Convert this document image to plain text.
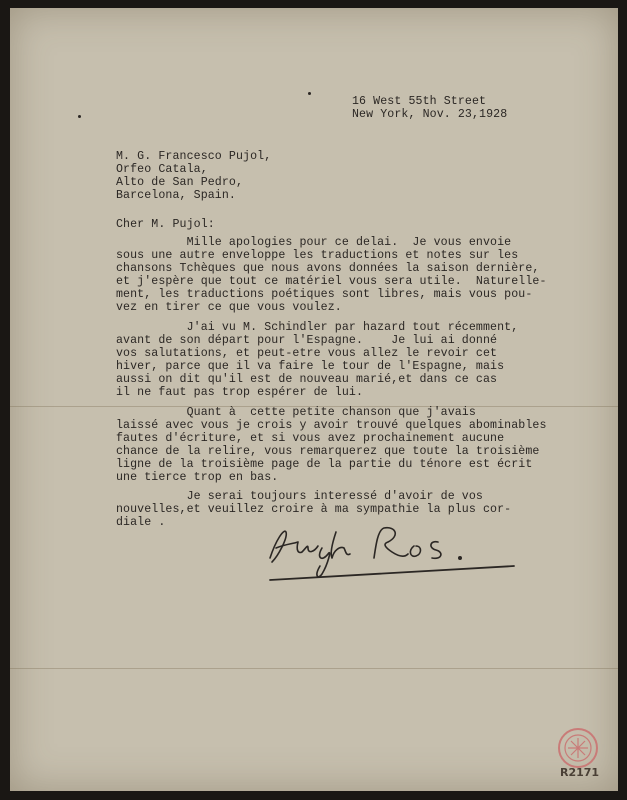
16 West 55th Street
New York, Nov. 23,1928
M. G. Francesco Pujol,
Orfeo Catala,
Alto de San Pedro,
Barcelona, Spain.
Cher M. Pujol:
Mille apologies pour ce delai.  Je vous envoie
sous une autre enveloppe les traductions et notes sur les
chansons Tchèques que nous avons données la saison dernière,
et j'espère que tout ce matériel vous sera utile.  Naturelle-
ment, les traductions poétiques sont libres, mais vous pou-
vez en tirer ce que vous voulez.
J'ai vu M. Schindler par hazard tout récemment,
avant de son départ pour l'Espagne.    Je lui ai donné
vos salutations, et peut-etre vous allez le revoir cet
hiver, parce que il va faire le tour de l'Espagne, mais
aussi on dit qu'il est de nouveau marié,et dans ce cas
il ne faut pas trop espérer de lui.
Quant à  cette petite chanson que j'avais
laissé avec vous je crois y avoir trouvé quelques abominables
fautes d'écriture, et si vous avez prochainement aucune
chance de la relire, vous remarquerez que toute la troisième
ligne de la troisième page de la partie du ténore est écrit
une tierce trop en bas.
Je serai toujours interessé d'avoir de vos
nouvelles,et veuillez croire à ma sympathie la plus cor-
diale .
R2171
